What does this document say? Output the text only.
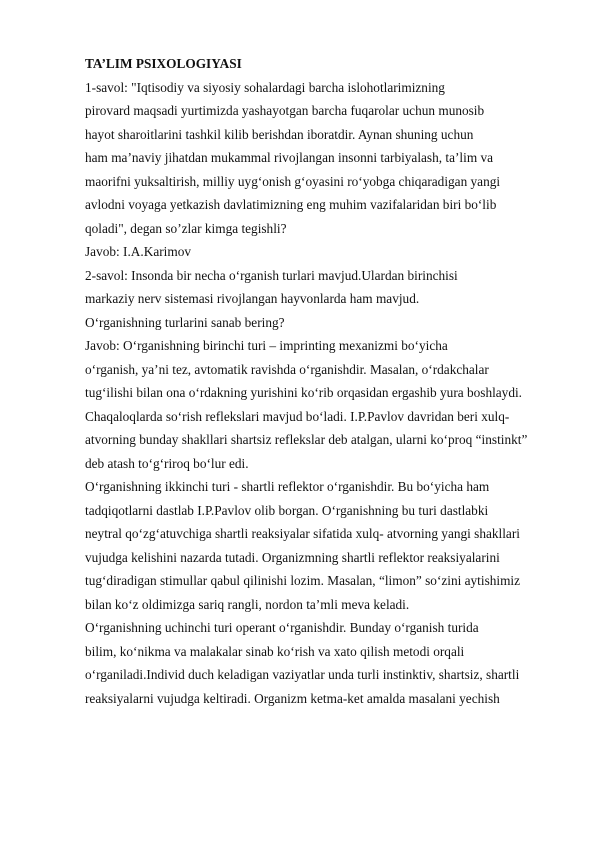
TA’LIM PSIXOLOGIYASI
1-savol: "Iqtisodiy va siyosiy sohalardagi barcha islohotlarimizning
pirovard maqsadi yurtimizda yashayotgan barcha fuqarolar uchun munosib
hayot sharoitlarini tashkil kilib berishdan iboratdir. Aynan shuning uchun
ham ma’naviy jihatdan mukammal rivojlangan insonni tarbiyalash, ta’lim va
maorifni yuksaltirish, milliy uyg‘onish g‘oyasini ro‘yobga chiqaradigan yangi
avlodni voyaga yetkazish davlatimizning eng muhim vazifalaridan biri bo‘lib
qoladi", degan so’zlar kimga tegishli?
Javob: I.A.Karimov
2-savol: Insonda bir necha o‘rganish turlari mavjud.Ulardan birinchisi
markaziy nerv sistemasi rivojlangan hayvonlarda ham mavjud.
O‘rganishning turlarini sanab bering?
Javob: O‘rganishning birinchi turi – imprinting mexanizmi bo‘yicha
o‘rganish, ya’ni tez, avtomatik ravishda o‘rganishdir. Masalan, o‘rdakchalar
tug‘ilishi bilan ona o‘rdakning yurishini ko‘rib orqasidan ergashib yura boshlaydi.
Chaqaloqlarda so‘rish reflekslari mavjud bo‘ladi. I.P.Pavlov davridan beri xulq-
atvorning bunday shakllari shartsiz reflekslar deb atalgan, ularni ko‘proq “instinkt”
deb atash to‘g‘riroq bo‘lur edi.
O‘rganishning ikkinchi turi - shartli reflektor o‘rganishdir. Bu bo‘yicha ham
tadqiqotlarni dastlab I.P.Pavlov olib borgan. O‘rganishning bu turi dastlabki
neytral qo‘zg‘atuvchiga shartli reaksiyalar sifatida xulq- atvorning yangi shakllari
vujudga kelishini nazarda tutadi. Organizmning shartli reflektor reaksiyalarini
tug‘diradigan stimullar qabul qilinishi lozim. Masalan, “limon” so‘zini aytishimiz
bilan ko‘z oldimizga sariq rangli, nordon ta’mli meva keladi.
O‘rganishning uchinchi turi operant o‘rganishdir. Bunday o‘rganish turida
bilim, ko‘nikma va malakalar sinab ko‘rish va xato qilish metodi orqali
o‘rganiladi.Individ duch keladigan vaziyatlar unda turli instinktiv, shartsiz, shartli
reaksiyalarni vujudga keltiradi. Organizm ketma-ket amalda masalani yechish
